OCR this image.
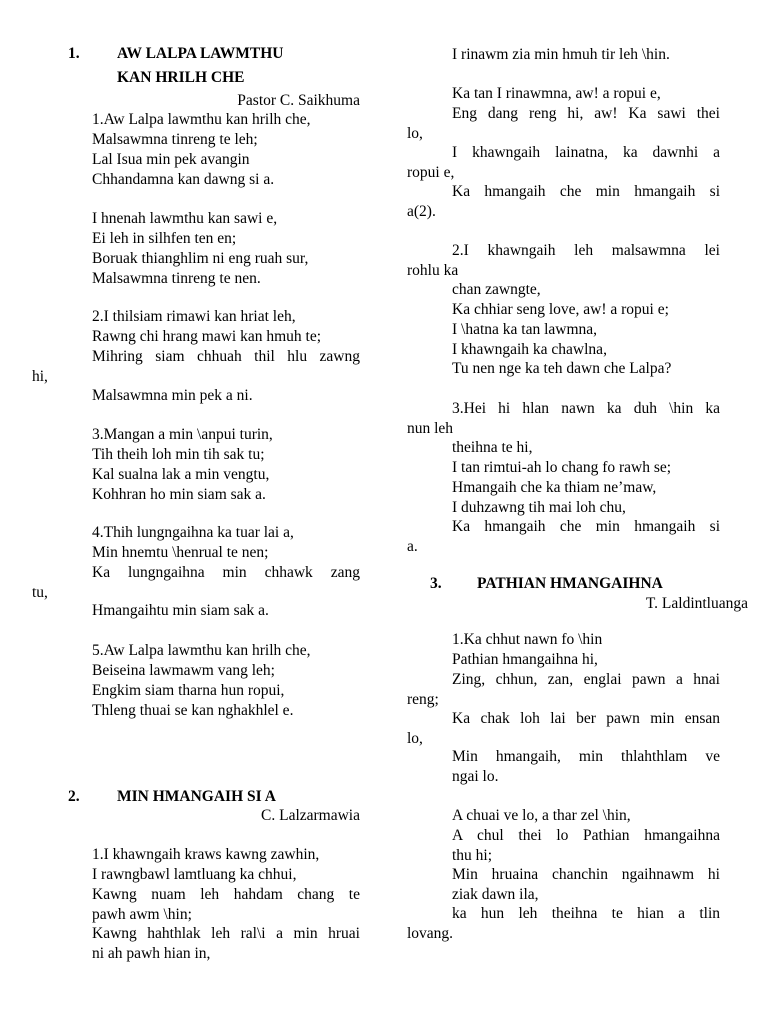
1. AW LALPA LAWMTHU
KAN HRILH CHE
Pastor C. Saikhuma
1.Aw Lalpa lawmthu kan hrilh che,
Malsawmna tinreng te leh;
Lal Isua min pek avangin
Chhandamna kan dawng si a.
I hnenah lawmthu kan sawi e,
Ei leh in silhfen ten en;
Boruak thianghlim ni eng ruah sur,
Malsawmna tinreng te nen.
2.I thilsiam rimawi kan hriat leh,
Rawng chi hrang mawi kan hmuh te;
Mihring siam chhuah thil hlu zawng
hi,
Malsawmna min pek a ni.
3.Mangan a min \anpui turin,
Tih theih loh min tih sak tu;
Kal sualna lak a min vengtu,
Kohhran ho min siam sak a.
4.Thih lungngaihna ka tuar lai a,
Min hnemtu \henrual te nen;
Ka lungngaihna min chhawk zang
tu,
Hmangaihtu min siam sak a.
5.Aw Lalpa lawmthu kan hrilh che,
Beiseina lawmawm vang leh;
Engkim siam tharna hun ropui,
Thleng thuai se kan nghakhlel e.
2. MIN HMANGAIH SI A
C. Lalzarmawia
1.I khawngaih kraws kawng zawhin,
I rawngbawl lamtluang ka chhui,
Kawng nuam leh hahdam chang te
pawh awm \hin;
Kawng hahthlak leh ral\i a min hruai
ni ah pawh hian in,
I rinawm zia min hmuh tir leh \hin.
Ka tan I rinawmna, aw! a ropui e,
Eng dang reng hi, aw! Ka sawi thei
lo,
I khawngaih lainatna, ka dawnhi a
ropui e,
Ka hmangaih che min hmangaih si
a(2).
2.I khawngaih leh malsawmna lei
rohlu ka
chan zawngte,
Ka chhiar seng love, aw! a ropui e;
I \hatna ka tan lawmna,
I khawngaih ka chawlna,
Tu nen nge ka teh dawn che Lalpa?
3.Hei hi hlan nawn ka duh \hin ka
nun leh
theihna te hi,
I tan rimtui-ah lo chang fo rawh se;
Hmangaih che ka thiam ne’maw,
I duhzawng tih mai loh chu,
Ka hmangaih che min hmangaih si
a.
3. PATHIAN HMANGAIHNA
T. Laldintluanga
1.Ka chhut nawn fo \hin
Pathian hmangaihna hi,
Zing, chhun, zan, englai pawn a hnai
reng;
Ka chak loh lai ber pawn min ensan
lo,
Min hmangaih, min thlahthlam ve
ngai lo.
A chuai ve lo, a thar zel \hin,
A chul thei lo Pathian hmangaihna
thu hi;
Min hruaina chanchin ngaihnawm hi
ziak dawn ila,
ka hun leh theihna te hian a tlin
lovang.
